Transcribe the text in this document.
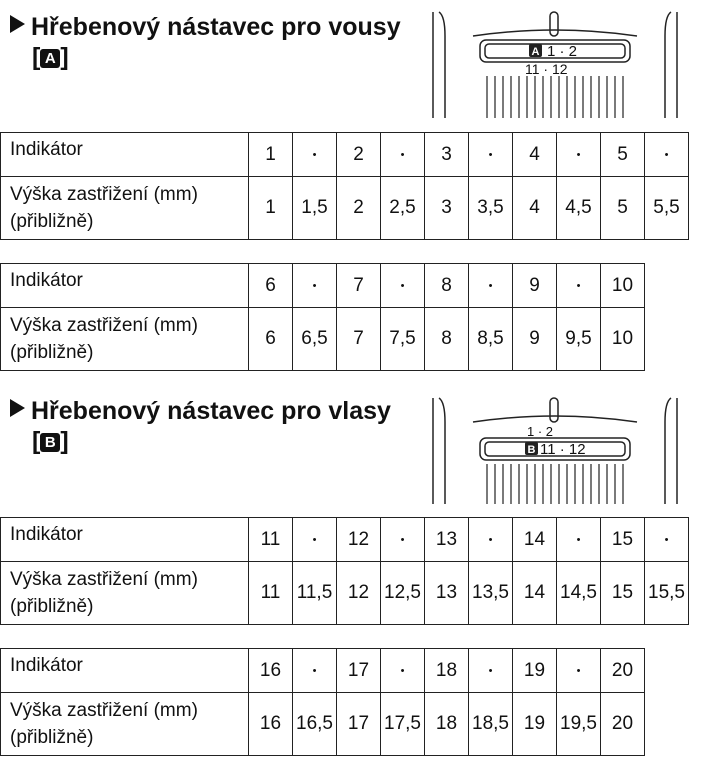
Hřebenový nástavec pro vousy
[ A ]	A 1 · 2
11 · 12
Indikátor	1	•	2	•	3	•	4	•	5	•
Výška zastřižení (mm)
(přibližně)	1	1,5	2	2,5	3	3,5	4	4,5	5	5,5
Indikátor	6	•	7	•	8	•	9	•	10
Výška zastřižení (mm)
(přibližně)	6	6,5	7	7,5	8	8,5	9	9,5	10
Hřebenový nástavec pro vlasy
[ B ]	1 · 2
B 11 · 12
Indikátor	11	•	12	•	13	•	14	•	15	•
Výška zastřižení (mm)
(přibližně)	11	11,5	12	12,5	13	13,5	14	14,5	15	15,5
Indikátor	16	•	17	•	18	•	19	•	20
Výška zastřižení (mm)
(přibližně)	16	16,5	17	17,5	18	18,5	19	19,5	20
